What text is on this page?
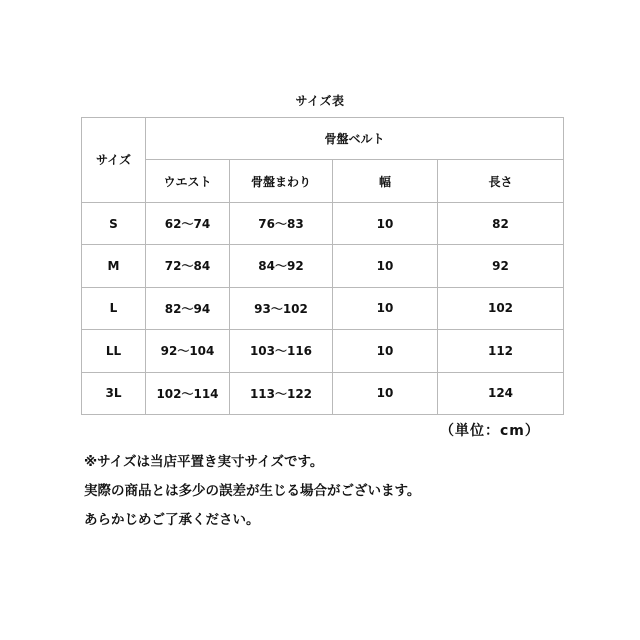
サイズ表
サイズ	骨盤ベルト			
	ウエスト	骨盤まわり	幅	長さ
S	62～74	76～83	10	82
M	72～84	84～92	10	92
L	82～94	93～102	10	102
LL	92～104	103～116	10	112
3L	102～114	113～122	10	124
（単位：cm）
※サイズは当店平置き実寸サイズです。
実際の商品とは多少の誤差が生じる場合がございます。
あらかじめご了承ください。
